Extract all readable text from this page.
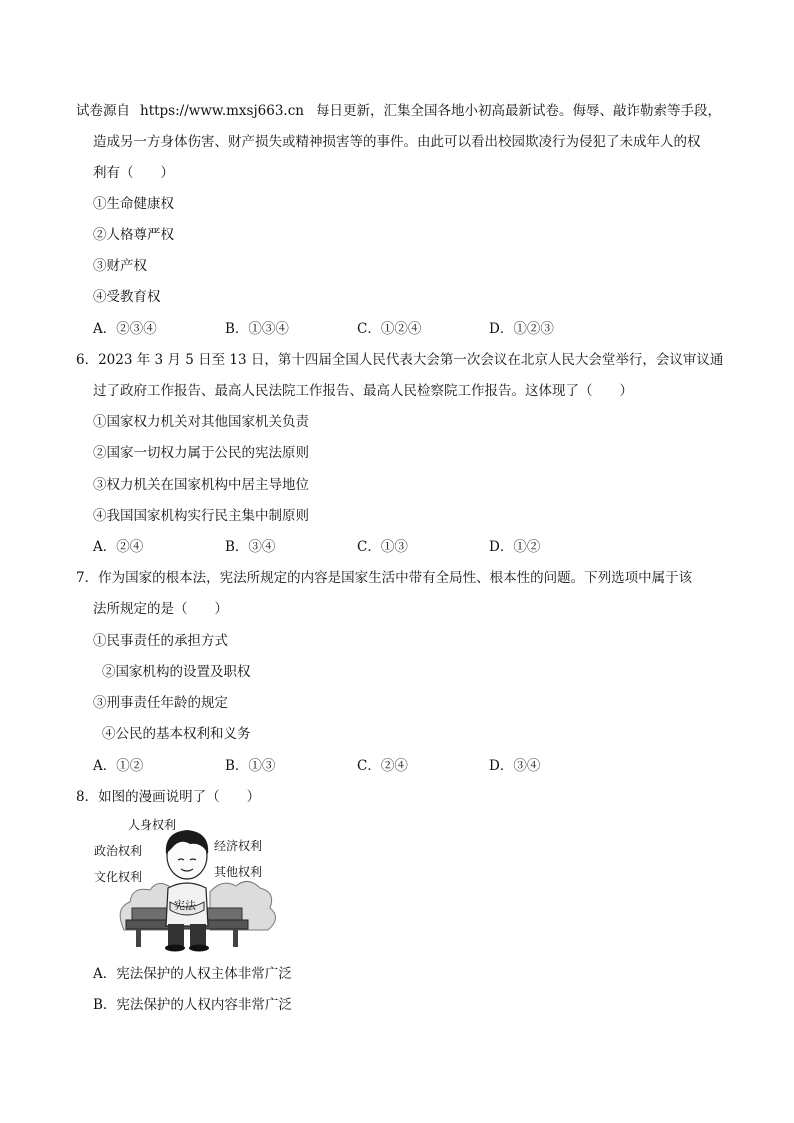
试卷源自 https://www.mxsj663.cn 每日更新，汇集全国各地小初高最新试卷。侮辱、敲诈勒索等手段，
造成另一方身体伤害、财产损失或精神损害等的事件。由此可以看出校园欺凌行为侵犯了未成年人的权
利有（　　）
①生命健康权
②人格尊严权
③财产权
④受教育权
A．②③④	B．①③④	C．①②④	D．①②③
6．2023 年 3 月 5 日至 13 日，第十四届全国人民代表大会第一次会议在北京人民大会堂举行，会议审议通
过了政府工作报告、最高人民法院工作报告、最高人民检察院工作报告。这体现了（　　）
①国家权力机关对其他国家机关负责
②国家一切权力属于公民的宪法原则
③权力机关在国家机构中居主导地位
④我国国家机构实行民主集中制原则
A．②④	B．③④	C．①③	D．①②
7．作为国家的根本法，宪法所规定的内容是国家生活中带有全局性、根本性的问题。下列选项中属于该
法所规定的是（　　）
①民事责任的承担方式
②国家机构的设置及职权
③刑事责任年龄的规定
④公民的基本权利和义务
A．①②	B．①③	C．②④	D．③④
8．如图的漫画说明了（　　）
人身权利
政治权利
文化权利
经济权利
其他权利
宪法
A．宪法保护的人权主体非常广泛
B．宪法保护的人权内容非常广泛
